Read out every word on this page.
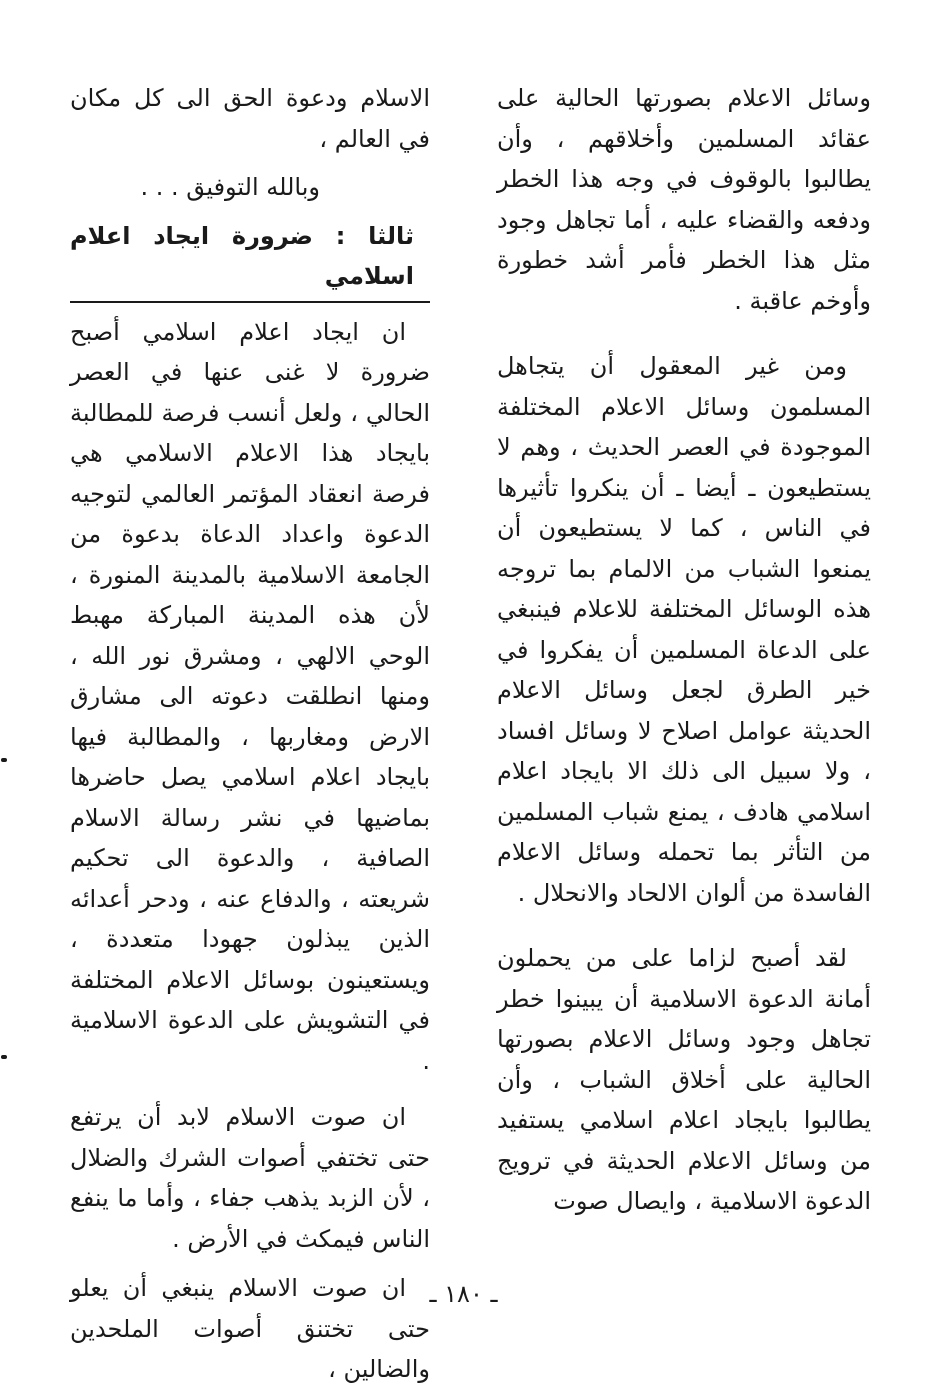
وسائل الاعلام بصورتها الحالية على عقائد المسلمين وأخلاقهم ، وأن يطالبوا بالوقوف في وجه هذا الخطر ودفعه والقضاء عليه ، أما تجاهل وجود مثل هذا الخطر فأمر أشد خطورة وأوخم عاقبة .

ومن غير المعقول أن يتجاهل المسلمون وسائل الاعلام المختلفة الموجودة في العصر الحديث ، وهم لا يستطيعون ـ أيضا ـ أن ينكروا تأثيرها في الناس ، كما لا يستطيعون أن يمنعوا الشباب من الالمام بما تروجه هذه الوسائل المختلفة للاعلام فينبغي على الدعاة المسلمين أن يفكروا في خير الطرق لجعل وسائل الاعلام الحديثة عوامل اصلاح لا وسائل افساد ، ولا سبيل الى ذلك الا بايجاد اعلام اسلامي هادف ، يمنع شباب المسلمين من التأثر بما تحمله وسائل الاعلام الفاسدة من ألوان الالحاد والانحلال .

لقد أصبح لزاما على من يحملون أمانة الدعوة الاسلامية أن يبينوا خطر تجاهل وجود وسائل الاعلام بصورتها الحالية على أخلاق الشباب ، وأن يطالبوا بايجاد اعلام اسلامي يستفيد من وسائل الاعلام الحديثة في ترويج الدعوة الاسلامية ، وايصال صوت

الاسلام ودعوة الحق الى كل مكان في العالم ،

وبالله التوفيق . . .

ثالثا : ضرورة ايجاد اعلام اسلامي

ان ايجاد اعلام اسلامي أصبح ضرورة لا غنى عنها في العصر الحالي ، ولعل أنسب فرصة للمطالبة بايجاد هذا الاعلام الاسلامي هي فرصة انعقاد المؤتمر العالمي لتوجيه الدعوة واعداد الدعاة بدعوة من الجامعة الاسلامية بالمدينة المنورة ، لأن هذه المدينة المباركة مهبط الوحي الالهي ، ومشرق نور الله ، ومنها انطلقت دعوته الى مشارق الارض ومغاربها ، والمطالبة فيها بايجاد اعلام اسلامي يصل حاضرها بماضيها في نشر رسالة الاسلام الصافية ، والدعوة الى تحكيم شريعته ، والدفاع عنه ، ودحر أعدائه الذين يبذلون جهودا متعددة ، ويستعينون بوسائل الاعلام المختلفة في التشويش على الدعوة الاسلامية .

ان صوت الاسلام لابد أن يرتفع حتى تختفي أصوات الشرك والضلال ، لأن الزبد يذهب جفاء ، وأما ما ينفع الناس فيمكث في الأرض .

ان صوت الاسلام ينبغي أن يعلو حتى تختنق أصوات الملحدين والضالين ،

ـ ١٨٠ ـ
